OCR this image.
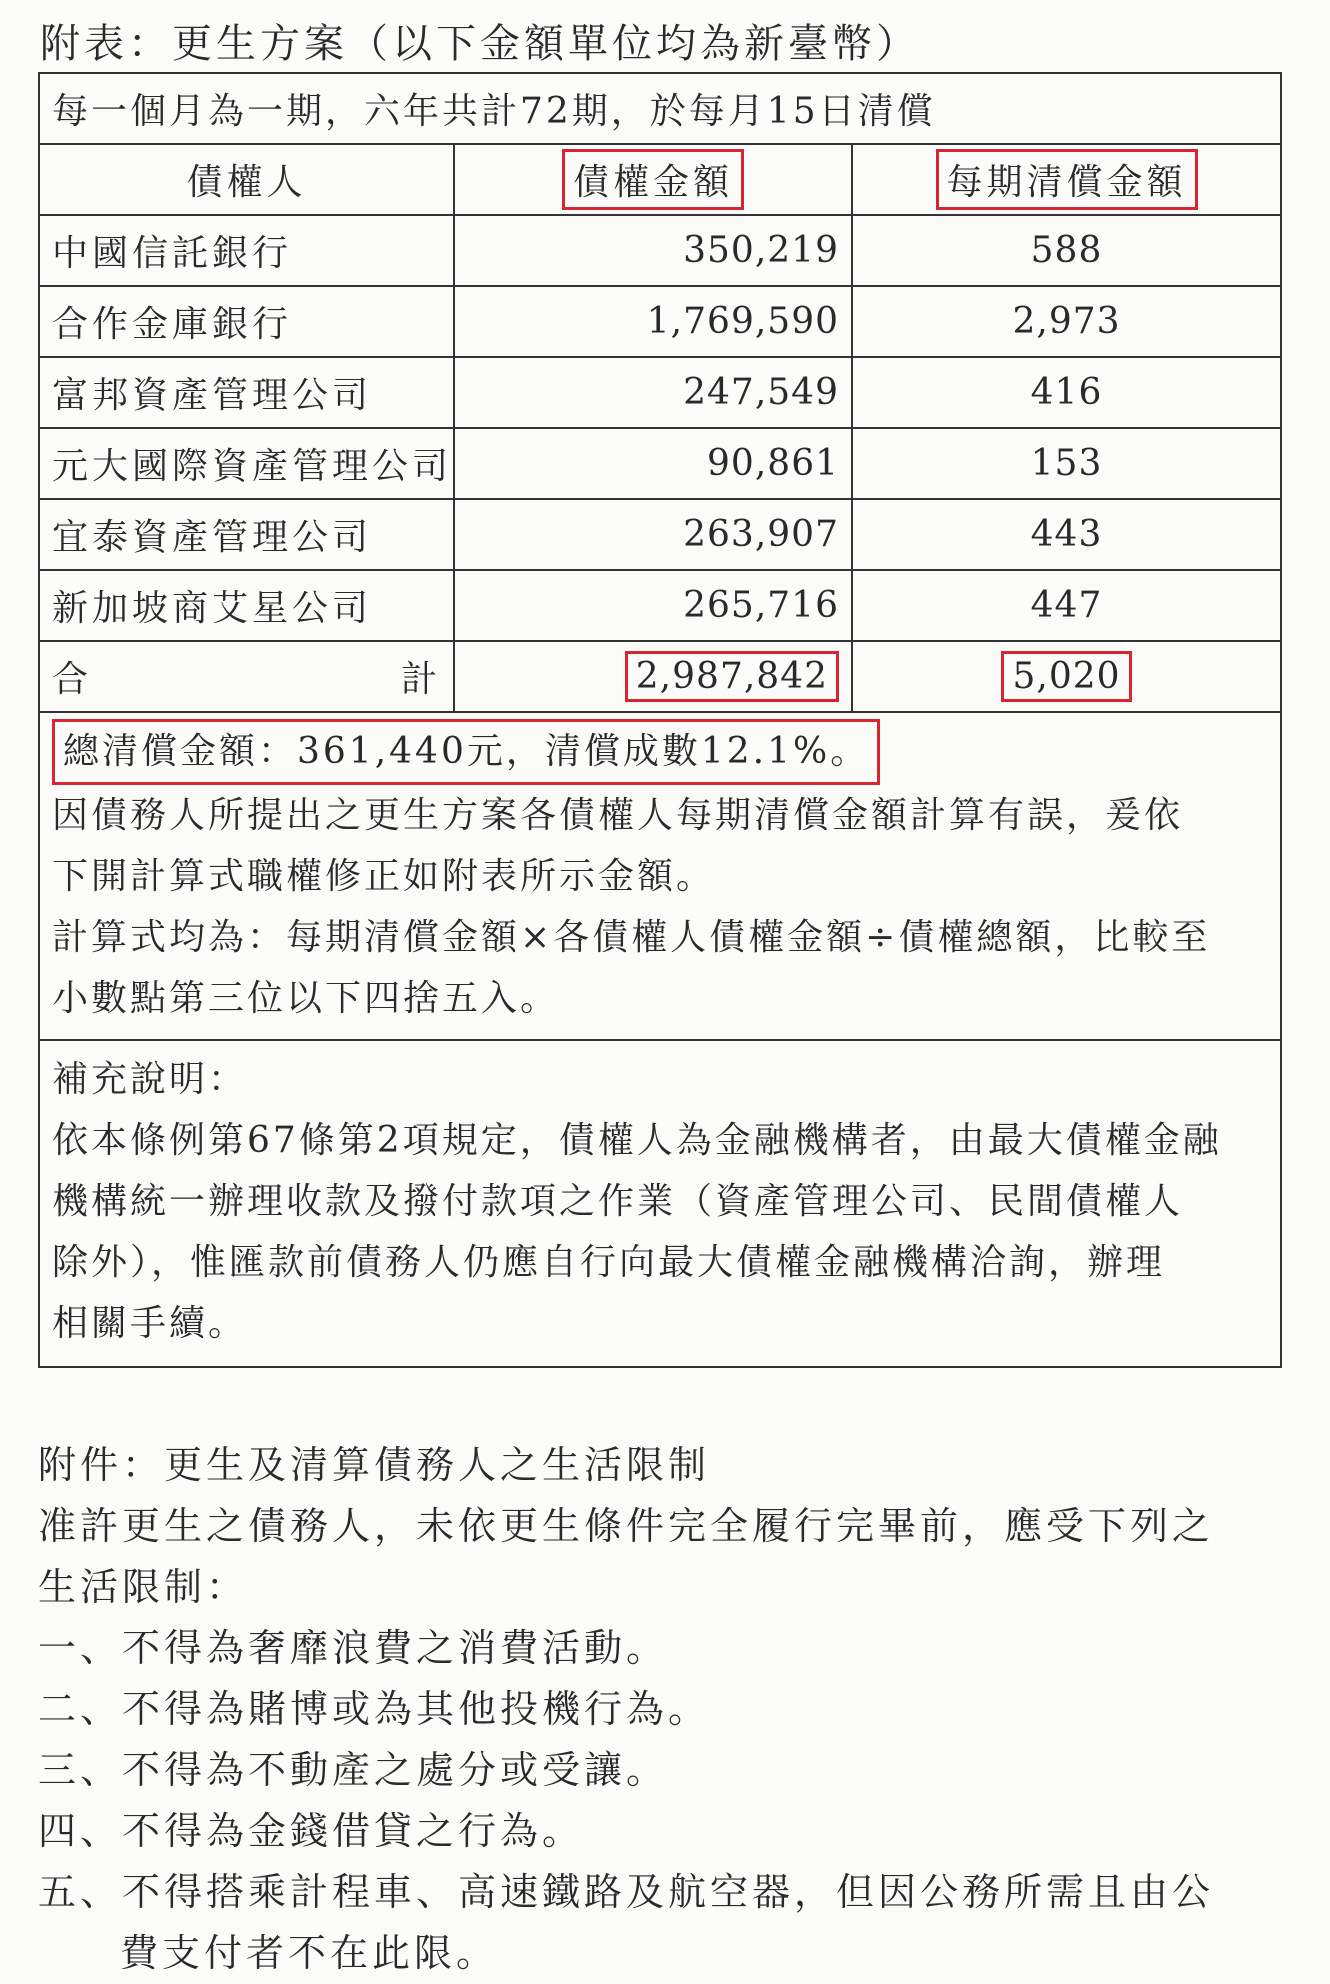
附表：更生方案（以下金額單位均為新臺幣）
每一個月為一期，六年共計72期，於每月15日清償		
債權人	債權金額	每期清償金額
中國信託銀行	350,219	588
合作金庫銀行	1,769,590	2,973
富邦資產管理公司	247,549	416
元大國際資產管理公司	90,861	153
宜泰資產管理公司	263,907	443
新加坡商艾星公司	265,716	447

合 計	2,987,842	5,020

總清償金額：361,440元，清償成數12.1%。
因債務人所提出之更生方案各債權人每期清償金額計算有誤，爰依
下開計算式職權修正如附表所示金額。
計算式均為：每期清償金額×各債權人債權金額÷債權總額，比較至
小數點第三位以下四捨五入。		

補充說明：
依本條例第67條第2項規定，債權人為金融機構者，由最大債權金融
機構統一辦理收款及撥付款項之作業（資產管理公司、民間債權人
除外），惟匯款前債務人仍應自行向最大債權金融機構洽詢，辦理
相關手續。		
附件：更生及清算債務人之生活限制
准許更生之債務人，未依更生條件完全履行完畢前，應受下列之
生活限制：
一、不得為奢靡浪費之消費活動。
二、不得為賭博或為其他投機行為。
三、不得為不動產之處分或受讓。
四、不得為金錢借貸之行為。
五、不得搭乘計程車、高速鐵路及航空器，但因公務所需且由公
費支付者不在此限。
